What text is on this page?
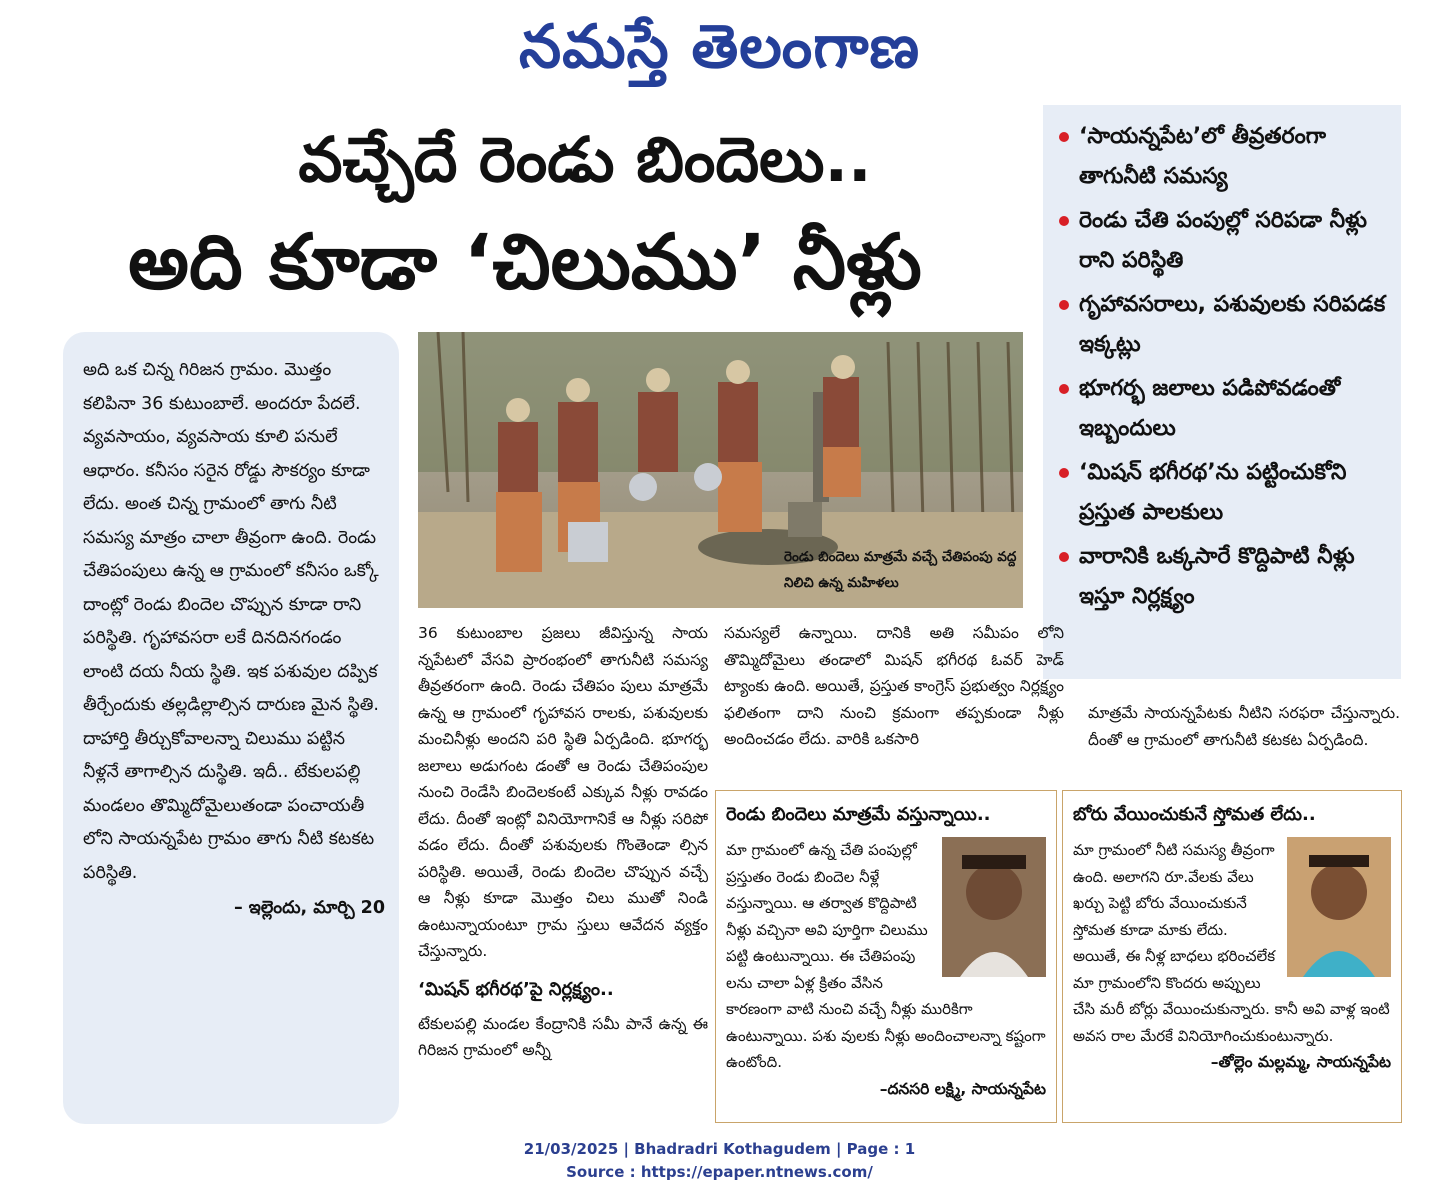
నమస్తే తెలంగాణ
వచ్చేదే రెండు బిందెలు..
అది కూడా ‘చిలుము’ నీళ్లు
‘సాయన్నపేట’లో తీవ్రతరంగా తాగునీటి సమస్య
రెండు చేతి పంపుల్లో సరిపడా నీళ్లు రాని పరిస్థితి
గృహావసరాలు, పశువులకు సరిపడక ఇక్కట్లు
భూగర్భ జలాలు పడిపోవడంతో ఇబ్బందులు
‘మిషన్ భగీరథ’ను పట్టించుకోని ప్రస్తుత పాలకులు
వారానికి ఒక్కసారే కొద్దిపాటి నీళ్లు ఇస్తూ నిర్లక్ష్యం

అది ఒక చిన్న గిరిజన గ్రామం. మొత్తం కలిపినా 36 కుటుంబాలే. అందరూ పేదలే. వ్యవసాయం, వ్యవసాయ కూలి పనులే ఆధారం. కనీసం సరైన రోడ్డు సౌకర్యం కూడా లేదు. అంత చిన్న గ్రామంలో తాగు నీటి సమస్య మాత్రం చాలా తీవ్రంగా ఉంది. రెండు చేతిపంపులు ఉన్న ఆ గ్రామంలో కనీసం ఒక్కో దాంట్లో రెండు బిందెల చొప్పున కూడా రాని పరిస్థితి. గృహావసరా లకే దినదినగండం లాంటి దయ నీయ స్థితి. ఇక పశువుల దప్పిక తీర్చేందుకు తల్లడిల్లాల్సిన దారుణ మైన స్థితి. దాహార్తి తీర్చుకోవాలన్నా చిలుము పట్టిన నీళ్లనే తాగాల్సిన దుస్థితి. ఇదీ.. టేకులపల్లి మండలం తొమ్మిదోమైలుతండా పంచాయతీ లోని సాయన్నపేట గ్రామం తాగు నీటి కటకట పరిస్థితి.

– ఇల్లెందు, మార్చి 20

రెండు బిందెలు మాత్రమే వచ్చే చేతిపంపు వద్ద నిలిచి ఉన్న మహిళలు

36 కుటుంబాల ప్రజలు జీవిస్తున్న సాయ న్నపేటలో వేసవి ప్రారంభంలో తాగునీటి సమస్య తీవ్రతరంగా ఉంది. రెండు చేతిపం పులు మాత్రమే ఉన్న ఆ గ్రామంలో గృహావస రాలకు, పశువులకు మంచినీళ్లు అందని పరి స్థితి ఏర్పడింది. భూగర్భ జలాలు అడుగంట డంతో ఆ రెండు చేతిపంపుల నుంచి రెండేసి బిందెలకంటే ఎక్కువ నీళ్లు రావడం లేదు. దీంతో ఇంట్లో వినియోగానికే ఆ నీళ్లు సరిపో వడం లేదు. దీంతో పశువులకు గొంతెండా ల్సిన పరిస్థితి. అయితే, రెండు బిందెల చొప్పున వచ్చే ఆ నీళ్లు కూడా మొత్తం చిలు ముతో నిండి ఉంటున్నాయంటూ గ్రామ స్తులు ఆవేదన వ్యక్తం చేస్తున్నారు.

‘మిషన్ భగీరథ’పై నిర్లక్ష్యం..

టేకులపల్లి మండల కేంద్రానికి సమీ పానే ఉన్న ఈ గిరిజన గ్రామంలో అన్నీ

సమస్యలే ఉన్నాయి. దానికి అతి సమీపం లోని తొమ్మిదోమైలు తండాలో మిషన్ భగీరథ ఓవర్ హెడ్ ట్యాంకు ఉంది. అయితే, ప్రస్తుత కాంగ్రెస్ ప్రభుత్వం నిర్లక్ష్యం ఫలితంగా దాని నుంచి క్రమంగా తప్పకుండా నీళ్లు అందించడం లేదు. వారికి ఒకసారి

మాత్రమే సాయన్నపేటకు నీటిని సరఫరా చేస్తున్నారు. దీంతో ఆ గ్రామంలో తాగునీటి కటకట ఏర్పడింది.

రెండు బిందెలు మాత్రమే వస్తున్నాయి..
మా గ్రామంలో ఉన్న చేతి పంపుల్లో ప్రస్తుతం రెండు బిందెల నీళ్లే వస్తున్నాయి. ఆ తర్వాత కొద్దిపాటి నీళ్లు వచ్చినా అవి పూర్తిగా చిలుము పట్టి ఉంటున్నాయి. ఈ చేతిపంపు లను చాలా ఏళ్ల క్రితం వేసిన కారణంగా వాటి నుంచి వచ్చే నీళ్లు మురికిగా ఉంటున్నాయి. పశు వులకు నీళ్లు అందించాలన్నా కష్టంగా ఉంటోంది.
–దనసరి లక్ష్మి, సాయన్నపేట
బోరు వేయించుకునే స్తోమత లేదు..
మా గ్రామంలో నీటి సమస్య తీవ్రంగా ఉంది. అలాగని రూ.వేలకు వేలు ఖర్చు పెట్టి బోరు వేయించుకునే స్తోమత కూడా మాకు లేదు. అయితే, ఈ నీళ్ల బాధలు భరించలేక మా గ్రామంలోని కొందరు అప్పులు చేసి మరీ బోర్లు వేయించుకున్నారు. కానీ అవి వాళ్ల ఇంటి అవస రాల మేరకే వినియోగించుకుంటున్నారు.
–తోల్లెం మల్లమ్మ, సాయన్నపేట
21/03/2025 | Bhadradri Kothagudem | Page : 1
Source : https://epaper.ntnews.com/
